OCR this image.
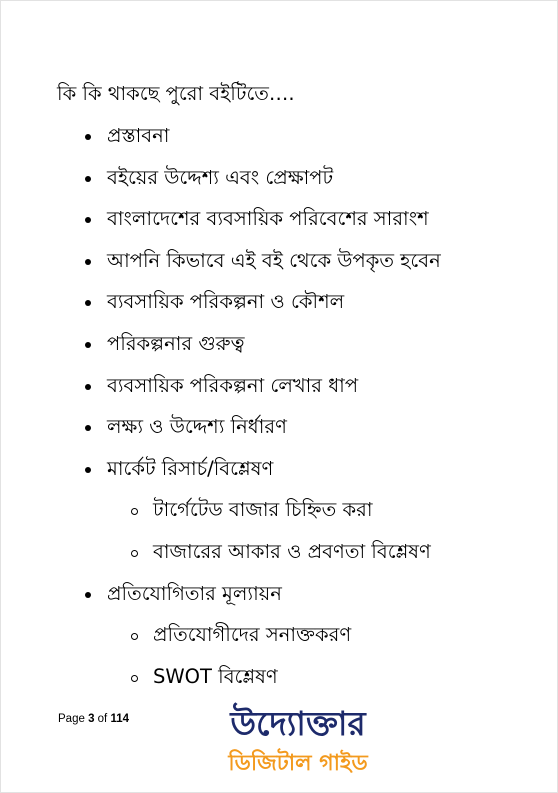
কি কি থাকছে পুরো বইটিতে….
প্রস্তাবনা
বইয়ের উদ্দেশ্য এবং প্রেক্ষাপট
বাংলাদেশের ব্যবসায়িক পরিবেশের সারাংশ
আপনি কিভাবে এই বই থেকে উপকৃত হবেন
ব্যবসায়িক পরিকল্পনা ও কৌশল
পরিকল্পনার গুরুত্ব
ব্যবসায়িক পরিকল্পনা লেখার ধাপ
লক্ষ্য ও উদ্দেশ্য নির্ধারণ
মার্কেট রিসার্চ/বিশ্লেষণ
টার্গেটেড বাজার চিহ্নিত করা
বাজারের আকার ও প্রবণতা বিশ্লেষণ
প্রতিযোগিতার মূল্যায়ন
প্রতিযোগীদের সনাক্তকরণ
SWOT বিশ্লেষণ
Page 3 of 114	উদ্যোক্তার
ডিজিটাল গাইড
